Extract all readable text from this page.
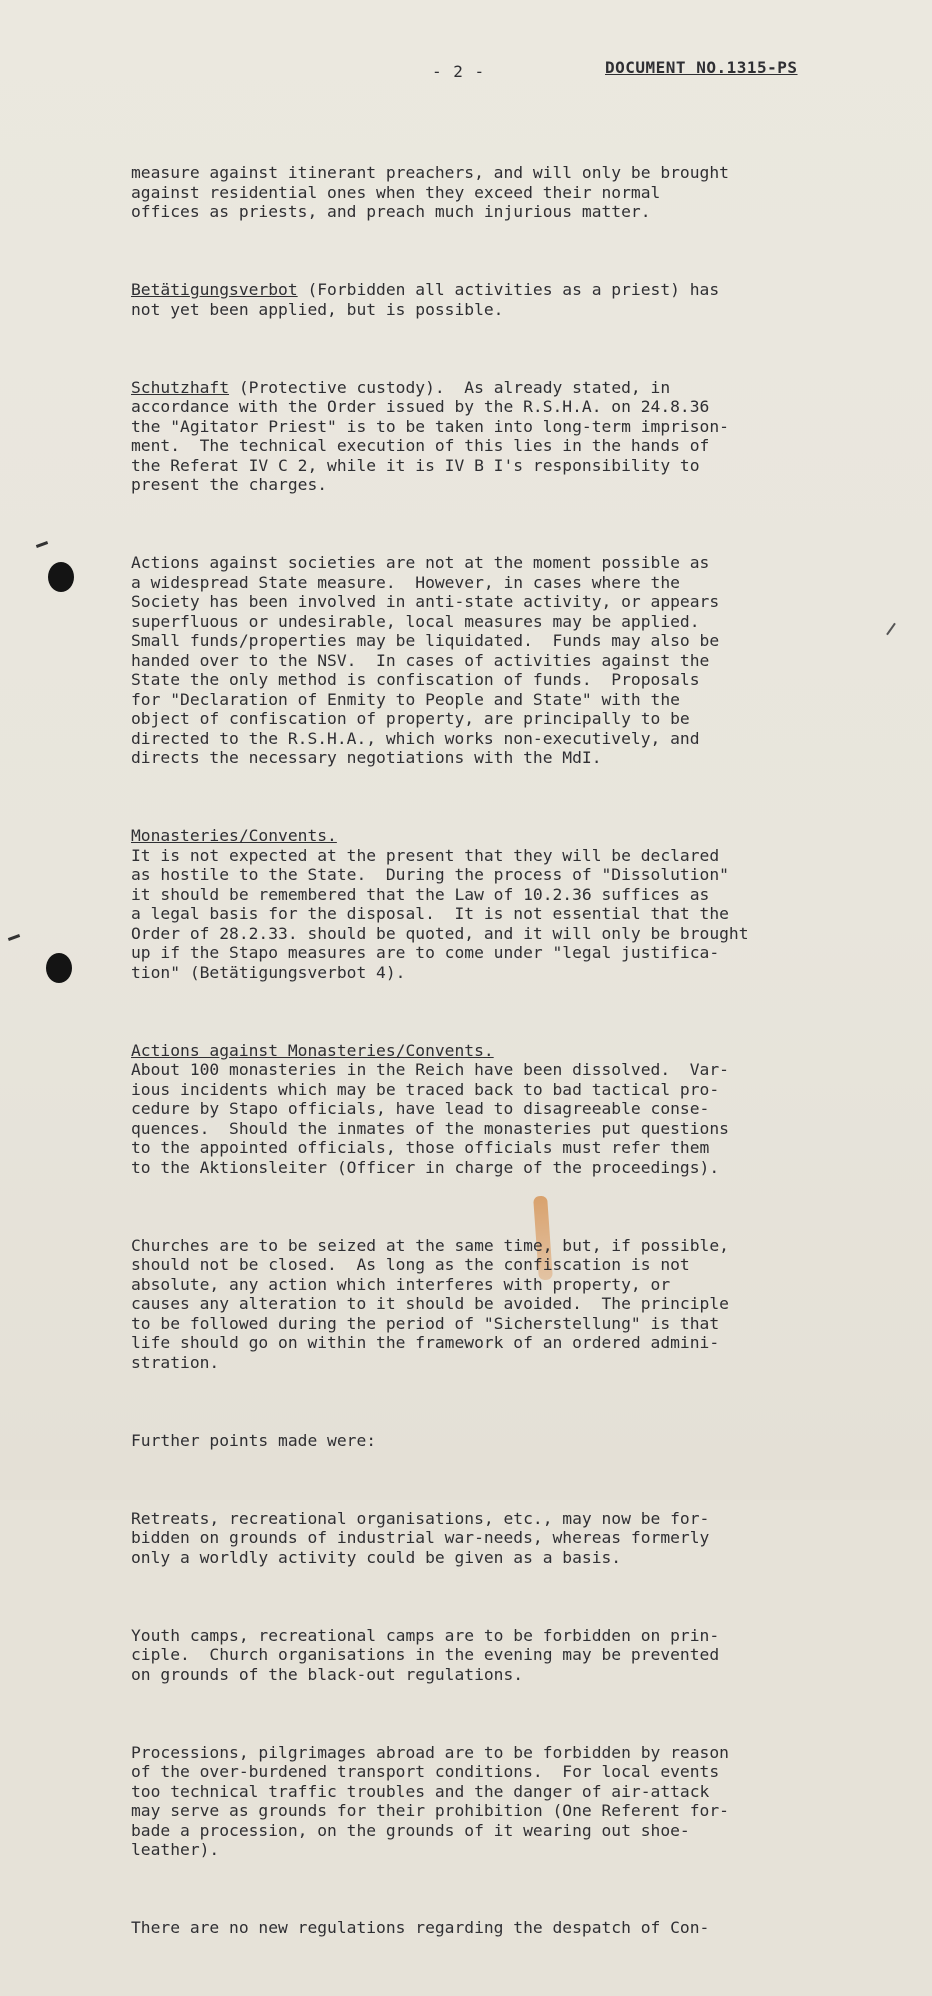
- 2 -	DOCUMENT NO.1315-PS

measure against itinerant preachers, and will only be brought
against residential ones when they exceed their normal
offices as priests, and preach much injurious matter.

Betätigungsverbot (Forbidden all activities as a priest) has
not yet been applied, but is possible.

Schutzhaft (Protective custody).  As already stated, in
accordance with the Order issued by the R.S.H.A. on 24.8.36
the "Agitator Priest" is to be taken into long-term imprison-
ment.  The technical execution of this lies in the hands of
the Referat IV C 2, while it is IV B I's responsibility to
present the charges.

Actions against societies are not at the moment possible as
a widespread State measure.  However, in cases where the
Society has been involved in anti-state activity, or appears
superfluous or undesirable, local measures may be applied.
Small funds/properties may be liquidated.  Funds may also be
handed over to the NSV.  In cases of activities against the
State the only method is confiscation of funds.  Proposals
for "Declaration of Enmity to People and State" with the
object of confiscation of property, are principally to be
directed to the R.S.H.A., which works non-executively, and
directs the necessary negotiations with the MdI.

Monasteries/Convents.
It is not expected at the present that they will be declared
as hostile to the State.  During the process of "Dissolution"
it should be remembered that the Law of 10.2.36 suffices as
a legal basis for the disposal.  It is not essential that the
Order of 28.2.33. should be quoted, and it will only be brought
up if the Stapo measures are to come under "legal justifica-
tion" (Betätigungsverbot 4).

Actions against Monasteries/Convents.
About 100 monasteries in the Reich have been dissolved.  Var-
ious incidents which may be traced back to bad tactical pro-
cedure by Stapo officials, have lead to disagreeable conse-
quences.  Should the inmates of the monasteries put questions
to the appointed officials, those officials must refer them
to the Aktionsleiter (Officer in charge of the proceedings).

Churches are to be seized at the same time, but, if possible,
should not be closed.  As long as the confiscation is not
absolute, any action which interferes with property, or
causes any alteration to it should be avoided.  The principle
to be followed during the period of "Sicherstellung" is that
life should go on within the framework of an ordered admini-
stration.

Further points made were:

Retreats, recreational organisations, etc., may now be for-
bidden on grounds of industrial war-needs, whereas formerly
only a worldly activity could be given as a basis.

Youth camps, recreational camps are to be forbidden on prin-
ciple.  Church organisations in the evening may be prevented
on grounds of the black-out regulations.

Processions, pilgrimages abroad are to be forbidden by reason
of the over-burdened transport conditions.  For local events
too technical traffic troubles and the danger of air-attack
may serve as grounds for their prohibition (One Referent for-
bade a procession, on the grounds of it wearing out shoe-
leather).

There are no new regulations regarding the despatch of Con-
